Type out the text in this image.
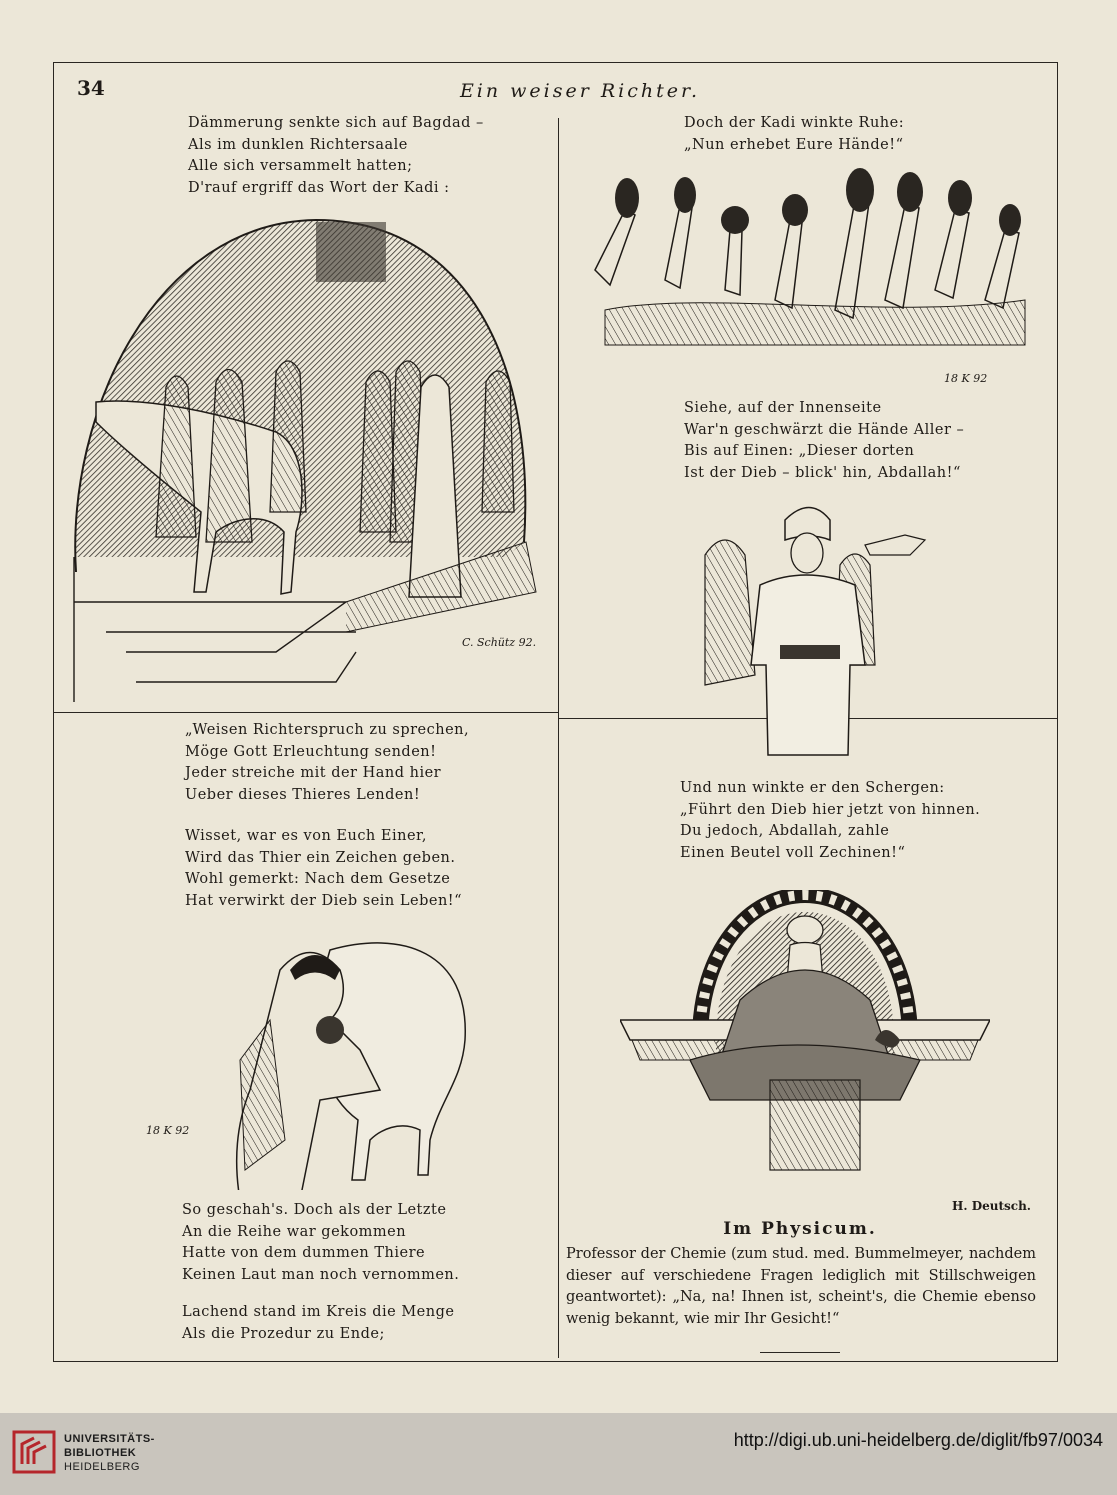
34	Ein weiser Richter.
Dämmerung senkte sich auf Bagdad –
Als im dunklen Richtersaale
Alle sich versammelt hatten;
D'rauf ergriff das Wort der Kadi :
C. Schütz 92.
„Weisen Richterspruch zu sprechen,
Möge Gott Erleuchtung senden!
Jeder streiche mit der Hand hier
Ueber dieses Thieres Lenden!
Wisset, war es von Euch Einer,
Wird das Thier ein Zeichen geben.
Wohl gemerkt: Nach dem Gesetze
Hat verwirkt der Dieb sein Leben!“
18 K 92
So geschah's. Doch als der Letzte
An die Reihe war gekommen
Hatte von dem dummen Thiere
Keinen Laut man noch vernommen.
Lachend stand im Kreis die Menge
Als die Prozedur zu Ende;
Doch der Kadi winkte Ruhe:
„Nun erhebet Eure Hände!“
18 K 92
Siehe, auf der Innenseite
War'n geschwärzt die Hände Aller –
Bis auf Einen: „Dieser dorten
Ist der Dieb – blick' hin, Abdallah!“
Und nun winkte er den Schergen:
„Führt den Dieb hier jetzt von hinnen.
Du jedoch, Abdallah, zahle
Einen Beutel voll Zechinen!“
H. Deutsch.
Im Physicum.
Professor der Chemie (zum stud. med. Bummelmeyer, nachdem dieser auf verschiedene Fragen lediglich mit Stillschweigen geantwortet): „Na, na! Ihnen ist, scheint's, die Chemie ebenso wenig bekannt, wie mir Ihr Gesicht!“
UNIVERSITÄTS-
BIBLIOTHEK
HEIDELBERG
http://digi.ub.uni-heidelberg.de/diglit/fb97/0034
